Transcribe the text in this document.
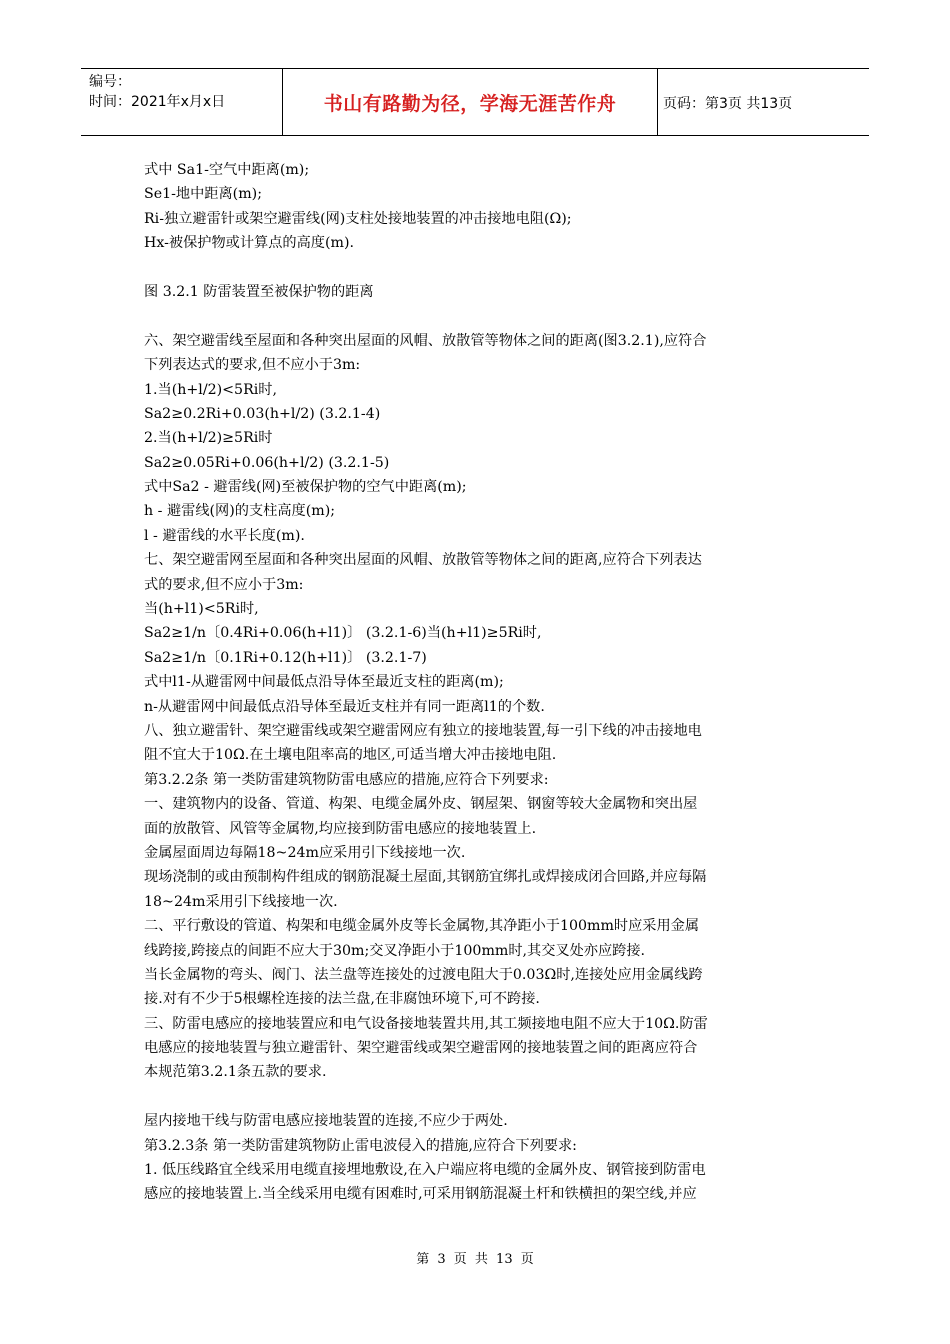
编号：
时间：2021年x月x日	书山有路勤为径，学海无涯苦作舟	页码：第3页 共13页
式中 Sa1-空气中距离(m);
Se1-地中距离(m);
Ri-独立避雷针或架空避雷线(网)支柱处接地装置的冲击接地电阻(Ω);
Hx-被保护物或计算点的高度(m).
图 3.2.1 防雷装置至被保护物的距离
六、架空避雷线至屋面和各种突出屋面的风帽、放散管等物体之间的距离(图3.2.1),应符合
下列表达式的要求,但不应小于3m:
1.当(h+l/2)<5Ri时,
Sa2≥0.2Ri+0.03(h+l/2) (3.2.1-4)
2.当(h+l/2)≥5Ri时
Sa2≥0.05Ri+0.06(h+l/2) (3.2.1-5)
式中Sa2 - 避雷线(网)至被保护物的空气中距离(m);
h - 避雷线(网)的支柱高度(m);
l - 避雷线的水平长度(m).
七、架空避雷网至屋面和各种突出屋面的风帽、放散管等物体之间的距离,应符合下列表达
式的要求,但不应小于3m:
当(h+l1)<5Ri时,
Sa2≥1/n〔0.4Ri+0.06(h+l1)〕 (3.2.1-6)当(h+l1)≥5Ri时,
Sa2≥1/n〔0.1Ri+0.12(h+l1)〕 (3.2.1-7)
式中l1-从避雷网中间最低点沿导体至最近支柱的距离(m);
n-从避雷网中间最低点沿导体至最近支柱并有同一距离l1的个数.
八、独立避雷针、架空避雷线或架空避雷网应有独立的接地装置,每一引下线的冲击接地电
阻不宜大于10Ω.在土壤电阻率高的地区,可适当增大冲击接地电阻.
第3.2.2条 第一类防雷建筑物防雷电感应的措施,应符合下列要求:
一、建筑物内的设备、管道、构架、电缆金属外皮、钢屋架、钢窗等较大金属物和突出屋
面的放散管、风管等金属物,均应接到防雷电感应的接地装置上.
金属屋面周边每隔18~24m应采用引下线接地一次.
现场浇制的或由预制构件组成的钢筋混凝土屋面,其钢筋宜绑扎或焊接成闭合回路,并应每隔
18~24m采用引下线接地一次.
二、平行敷设的管道、构架和电缆金属外皮等长金属物,其净距小于100mm时应采用金属
线跨接,跨接点的间距不应大于30m;交叉净距小于100mm时,其交叉处亦应跨接.
当长金属物的弯头、阀门、法兰盘等连接处的过渡电阻大于0.03Ω时,连接处应用金属线跨
接.对有不少于5根螺栓连接的法兰盘,在非腐蚀环境下,可不跨接.
三、防雷电感应的接地装置应和电气设备接地装置共用,其工频接地电阻不应大于10Ω.防雷
电感应的接地装置与独立避雷针、架空避雷线或架空避雷网的接地装置之间的距离应符合
本规范第3.2.1条五款的要求.
屋内接地干线与防雷电感应接地装置的连接,不应少于两处.
第3.2.3条 第一类防雷建筑物防止雷电波侵入的措施,应符合下列要求:
1. 低压线路宜全线采用电缆直接埋地敷设,在入户端应将电缆的金属外皮、钢管接到防雷电
感应的接地装置上.当全线采用电缆有困难时,可采用钢筋混凝土杆和铁横担的架空线,并应
第 3 页 共 13 页
